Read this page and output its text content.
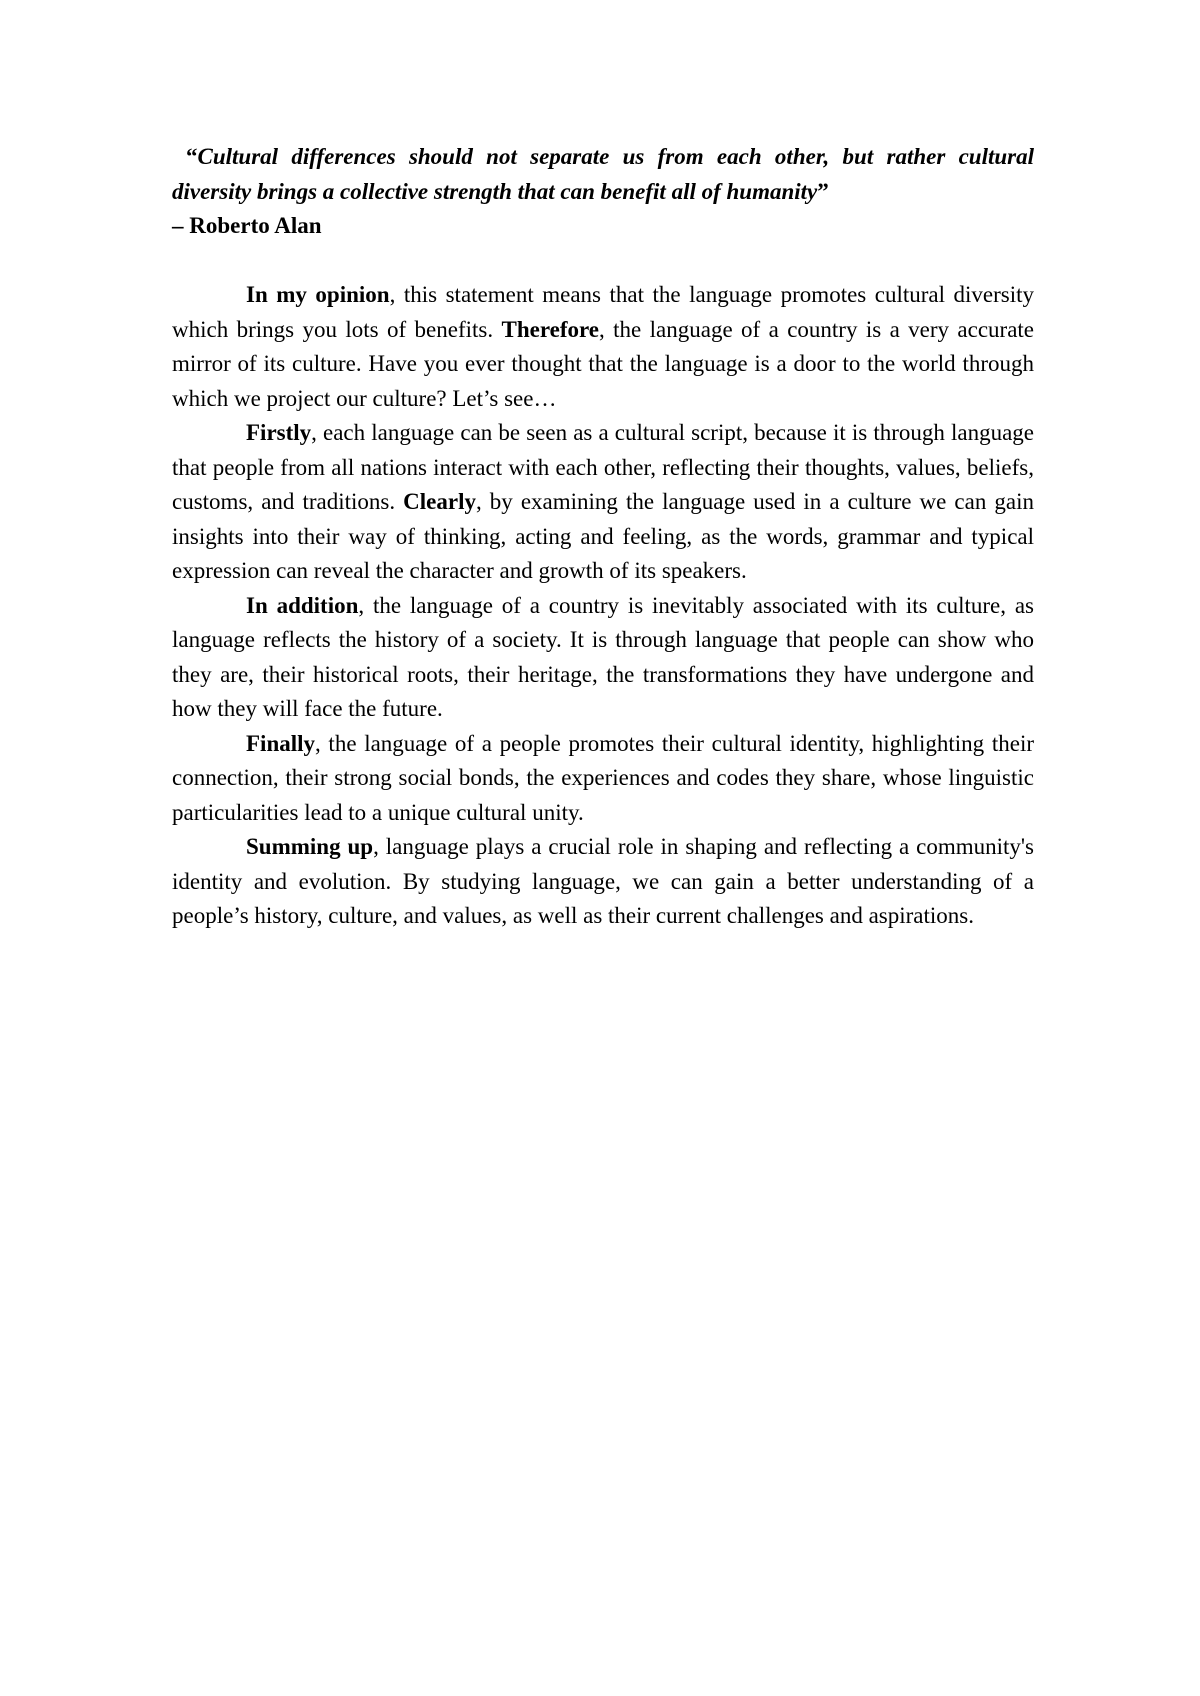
“Cultural differences should not separate us from each other, but rather cultural diversity brings a collective strength that can benefit all of humanity”

– Roberto Alan

In my opinion, this statement means that the language promotes cultural diversity which brings you lots of benefits. Therefore, the language of a country is a very accurate mirror of its culture. Have you ever thought that the language is a door to the world through which we project our culture? Let’s see…

Firstly, each language can be seen as a cultural script, because it is through language that people from all nations interact with each other, reflecting their thoughts, values, beliefs, customs, and traditions. Clearly, by examining the language used in a culture we can gain insights into their way of thinking, acting and feeling, as the words, grammar and typical expression can reveal the character and growth of its speakers.

In addition, the language of a country is inevitably associated with its culture, as language reflects the history of a society. It is through language that people can show who they are, their historical roots, their heritage, the transformations they have undergone and how they will face the future.

Finally, the language of a people promotes their cultural identity, highlighting their connection, their strong social bonds, the experiences and codes they share, whose linguistic particularities lead to a unique cultural unity.

Summing up, language plays a crucial role in shaping and reflecting a community's identity and evolution. By studying language, we can gain a better understanding of a people’s history, culture, and values, as well as their current challenges and aspirations.
